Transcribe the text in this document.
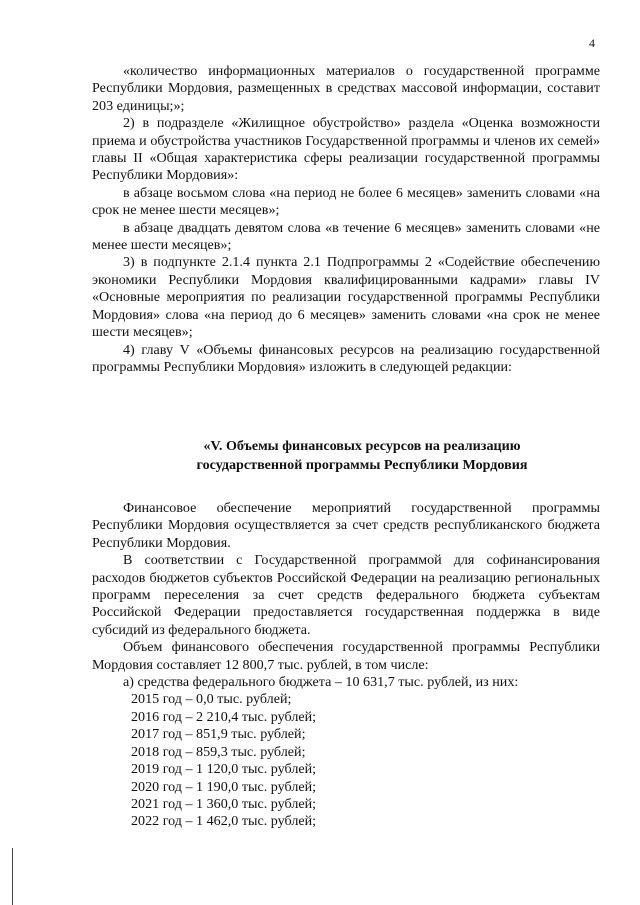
4

«количество информационных материалов о государственной программе Республики Мордовия, размещенных в средствах массовой информации, составит 203 единицы;»;

2) в подразделе «Жилищное обустройство» раздела «Оценка возможности приема и обустройства участников Государственной программы и членов их семей» главы II «Общая характеристика сферы реализации государственной программы Республики Мордовия»:

в абзаце восьмом слова «на период не более 6 месяцев» заменить словами «на срок не менее шести месяцев»;

в абзаце двадцать девятом слова «в течение 6 месяцев» заменить словами «не менее шести месяцев»;

3) в подпункте 2.1.4 пункта 2.1 Подпрограммы 2 «Содействие обеспечению экономики Республики Мордовия квалифицированными кадрами» главы IV «Основные мероприятия по реализации государственной программы Республики Мордовия» слова «на период до 6 месяцев» заменить словами «на срок не менее шести месяцев»;

4) главу V «Объемы финансовых ресурсов на реализацию государственной программы Республики Мордовия» изложить в следующей редакции:

«V. Объемы финансовых ресурсов на реализацию
государственной программы Республики Мордовия

Финансовое обеспечение мероприятий государственной программы Республики Мордовия осуществляется за счет средств республиканского бюджета Республики Мордовия.

В соответствии с Государственной программой для софинансирования расходов бюджетов субъектов Российской Федерации на реализацию региональных программ переселения за счет средств федерального бюджета субъектам Российской Федерации предоставляется государственная поддержка в виде субсидий из федерального бюджета.

Объем финансового обеспечения государственной программы Республики Мордовия составляет 12 800,7 тыс. рублей, в том числе:

а) средства федерального бюджета – 10 631,7 тыс. рублей, из них:

2015 год – 0,0 тыс. рублей;
2016 год – 2 210,4 тыс. рублей;
2017 год – 851,9 тыс. рублей;
2018 год – 859,3 тыс. рублей;
2019 год – 1 120,0 тыс. рублей;
2020 год – 1 190,0 тыс. рублей;
2021 год – 1 360,0 тыс. рублей;
2022 год – 1 462,0 тыс. рублей;
